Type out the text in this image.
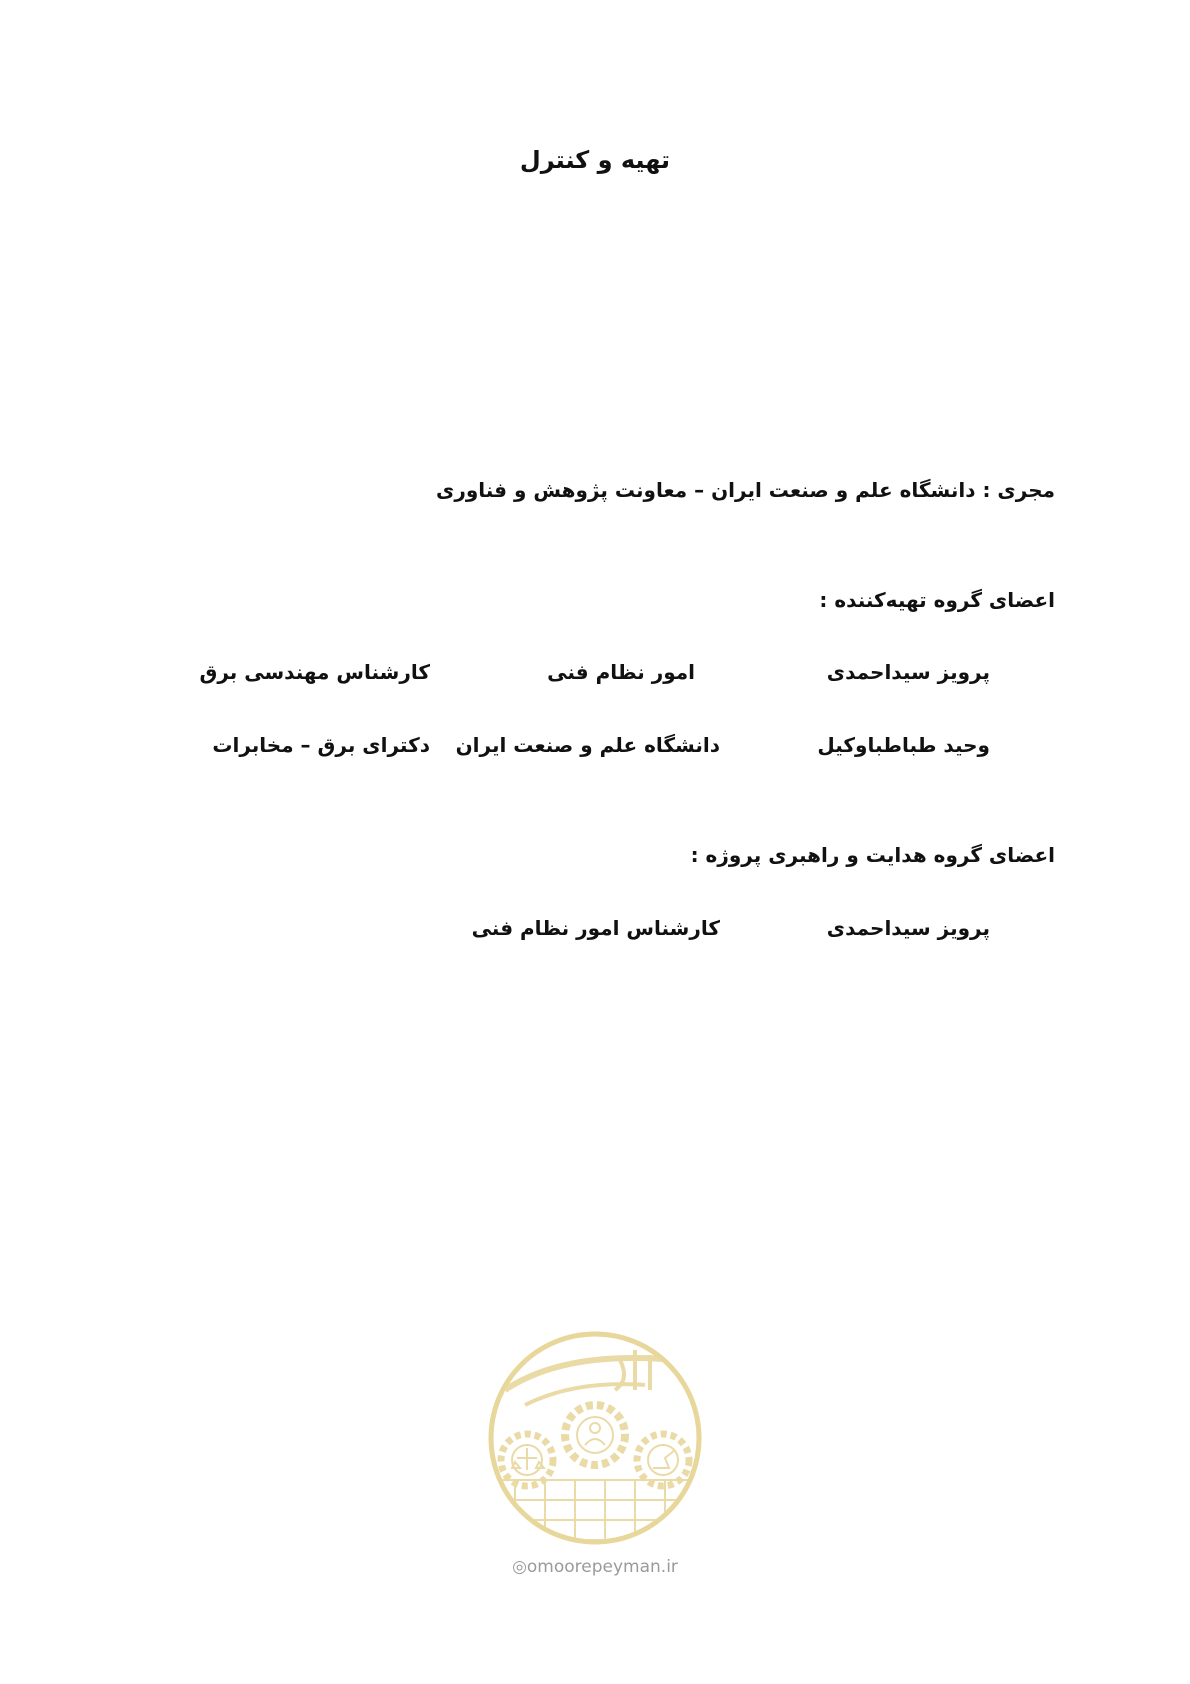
تهیه و کنترل
مجری : دانشگاه علم و صنعت ایران – معاونت پژوهش و فناوری
اعضای گروه تهیه‌کننده :
پرویز سیداحمدی
امور نظام فنی
کارشناس مهندسی برق
وحید طباطباوکیل
دانشگاه علم و صنعت ایران
دکترای برق – مخابرات
اعضای گروه هدایت و راهبری پروژه :
پرویز سیداحمدی
کارشناس امور نظام فنی
◎omoorepeyman.ir
